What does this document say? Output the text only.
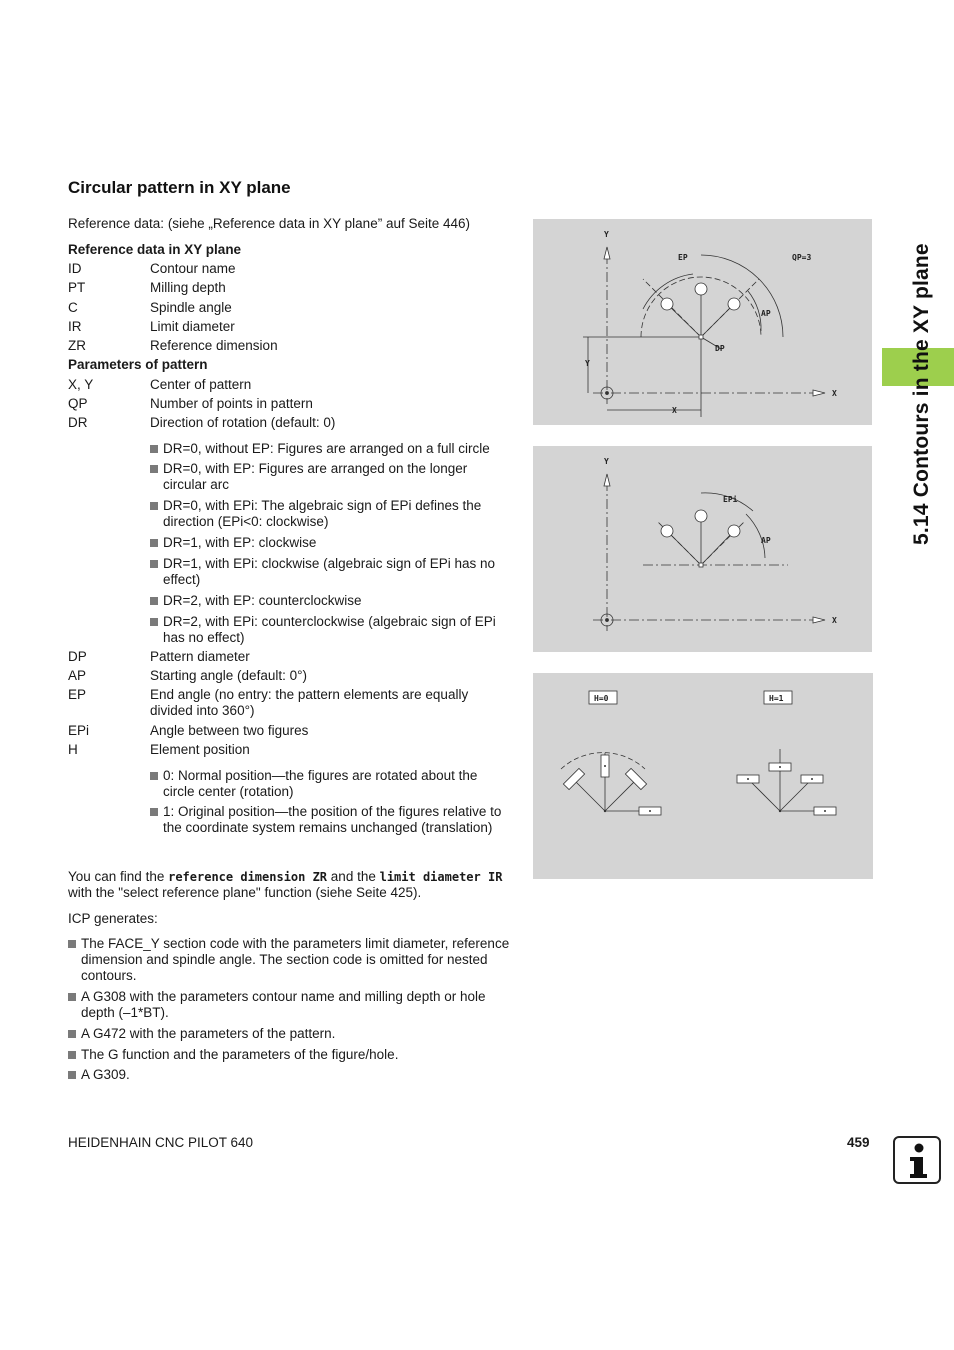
Circular pattern in XY plane
Reference data: (siehe „Reference data in XY plane” auf Seite 446)
Reference data in XY plane
ID	Contour name
PT	Milling depth
C	Spindle angle
IR	Limit diameter
ZR	Reference dimension
Parameters of pattern
X, Y	Center of pattern
QP	Number of points in pattern
DR	Direction of rotation (default: 0)
DR=0, without EP: Figures are arranged on a full circle
DR=0, with EP: Figures are arranged on the longer circular arc
DR=0, with EPi: The algebraic sign of EPi defines the direction (EPi<0: clockwise)
DR=1, with EP: clockwise
DR=1, with EPi: clockwise (algebraic sign of EPi has no effect)
DR=2, with EP: counterclockwise
DR=2, with EPi: counterclockwise (algebraic sign of EPi has no effect)
DP	Pattern diameter
AP	Starting angle (default: 0°)
EP	End angle (no entry: the pattern elements are equally divided into 360°)
EPi	Angle between two figures
H	Element position
0: Normal position—the figures are rotated about the circle center (rotation)
1: Original position—the position of the figures relative to the coordinate system remains unchanged (translation)
You can find the reference dimension ZR and the limit diameter IR
with the "select reference plane" function (siehe Seite 425).
ICP generates:
The FACE_Y section code with the parameters limit diameter, reference dimension and spindle angle. The section code is omitted for nested contours.
A G308 with the parameters contour name and milling depth or hole depth (–1*BT).
A G472 with the parameters of the pattern.
The G function and the parameters of the figure/hole.
A G309.
Y
X
EP	QP=3
AP
DP
Y
X
Y
X
EPi
AP
H=0	H=1
5.14 Contours in the XY plane
HEIDENHAIN CNC PILOT 640	459
